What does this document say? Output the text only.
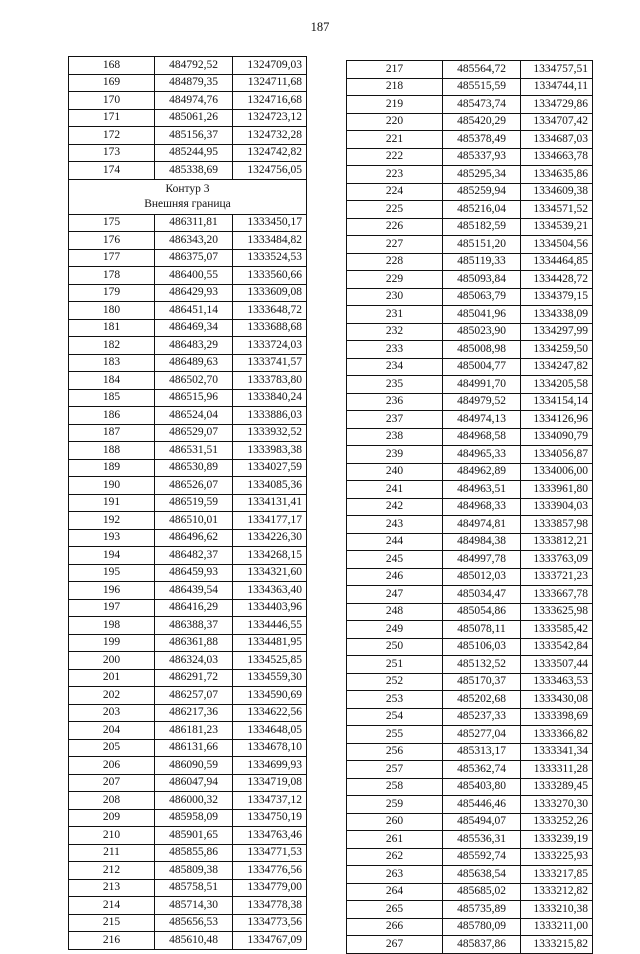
187
168	484792,52	1324709,03
169	484879,35	1324711,68
170	484974,76	1324716,68
171	485061,26	1324723,12
172	485156,37	1324732,28
173	485244,95	1324742,82
174	485338,69	1324756,05

Контур 3
Внешняя граница		

175	486311,81	1333450,17
176	486343,20	1333484,82
177	486375,07	1333524,53
178	486400,55	1333560,66
179	486429,93	1333609,08
180	486451,14	1333648,72
181	486469,34	1333688,68
182	486483,29	1333724,03
183	486489,63	1333741,57
184	486502,70	1333783,80
185	486515,96	1333840,24
186	486524,04	1333886,03
187	486529,07	1333932,52
188	486531,51	1333983,38
189	486530,89	1334027,59
190	486526,07	1334085,36
191	486519,59	1334131,41
192	486510,01	1334177,17
193	486496,62	1334226,30
194	486482,37	1334268,15
195	486459,93	1334321,60
196	486439,54	1334363,40
197	486416,29	1334403,96
198	486388,37	1334446,55
199	486361,88	1334481,95
200	486324,03	1334525,85
201	486291,72	1334559,30
202	486257,07	1334590,69
203	486217,36	1334622,56
204	486181,23	1334648,05
205	486131,66	1334678,10
206	486090,59	1334699,93
207	486047,94	1334719,08
208	486000,32	1334737,12
209	485958,09	1334750,19
210	485901,65	1334763,46
211	485855,86	1334771,53
212	485809,38	1334776,56
213	485758,51	1334779,00
214	485714,30	1334778,38
215	485656,53	1334773,56
216	485610,48	1334767,09
217	485564,72	1334757,51
218	485515,59	1334744,11
219	485473,74	1334729,86
220	485420,29	1334707,42
221	485378,49	1334687,03
222	485337,93	1334663,78
223	485295,34	1334635,86
224	485259,94	1334609,38
225	485216,04	1334571,52
226	485182,59	1334539,21
227	485151,20	1334504,56
228	485119,33	1334464,85
229	485093,84	1334428,72
230	485063,79	1334379,15
231	485041,96	1334338,09
232	485023,90	1334297,99
233	485008,98	1334259,50
234	485004,77	1334247,82
235	484991,70	1334205,58
236	484979,52	1334154,14
237	484974,13	1334126,96
238	484968,58	1334090,79
239	484965,33	1334056,87
240	484962,89	1334006,00
241	484963,51	1333961,80
242	484968,33	1333904,03
243	484974,81	1333857,98
244	484984,38	1333812,21
245	484997,78	1333763,09
246	485012,03	1333721,23
247	485034,47	1333667,78
248	485054,86	1333625,98
249	485078,11	1333585,42
250	485106,03	1333542,84
251	485132,52	1333507,44
252	485170,37	1333463,53
253	485202,68	1333430,08
254	485237,33	1333398,69
255	485277,04	1333366,82
256	485313,17	1333341,34
257	485362,74	1333311,28
258	485403,80	1333289,45
259	485446,46	1333270,30
260	485494,07	1333252,26
261	485536,31	1333239,19
262	485592,74	1333225,93
263	485638,54	1333217,85
264	485685,02	1333212,82
265	485735,89	1333210,38
266	485780,09	1333211,00
267	485837,86	1333215,82
